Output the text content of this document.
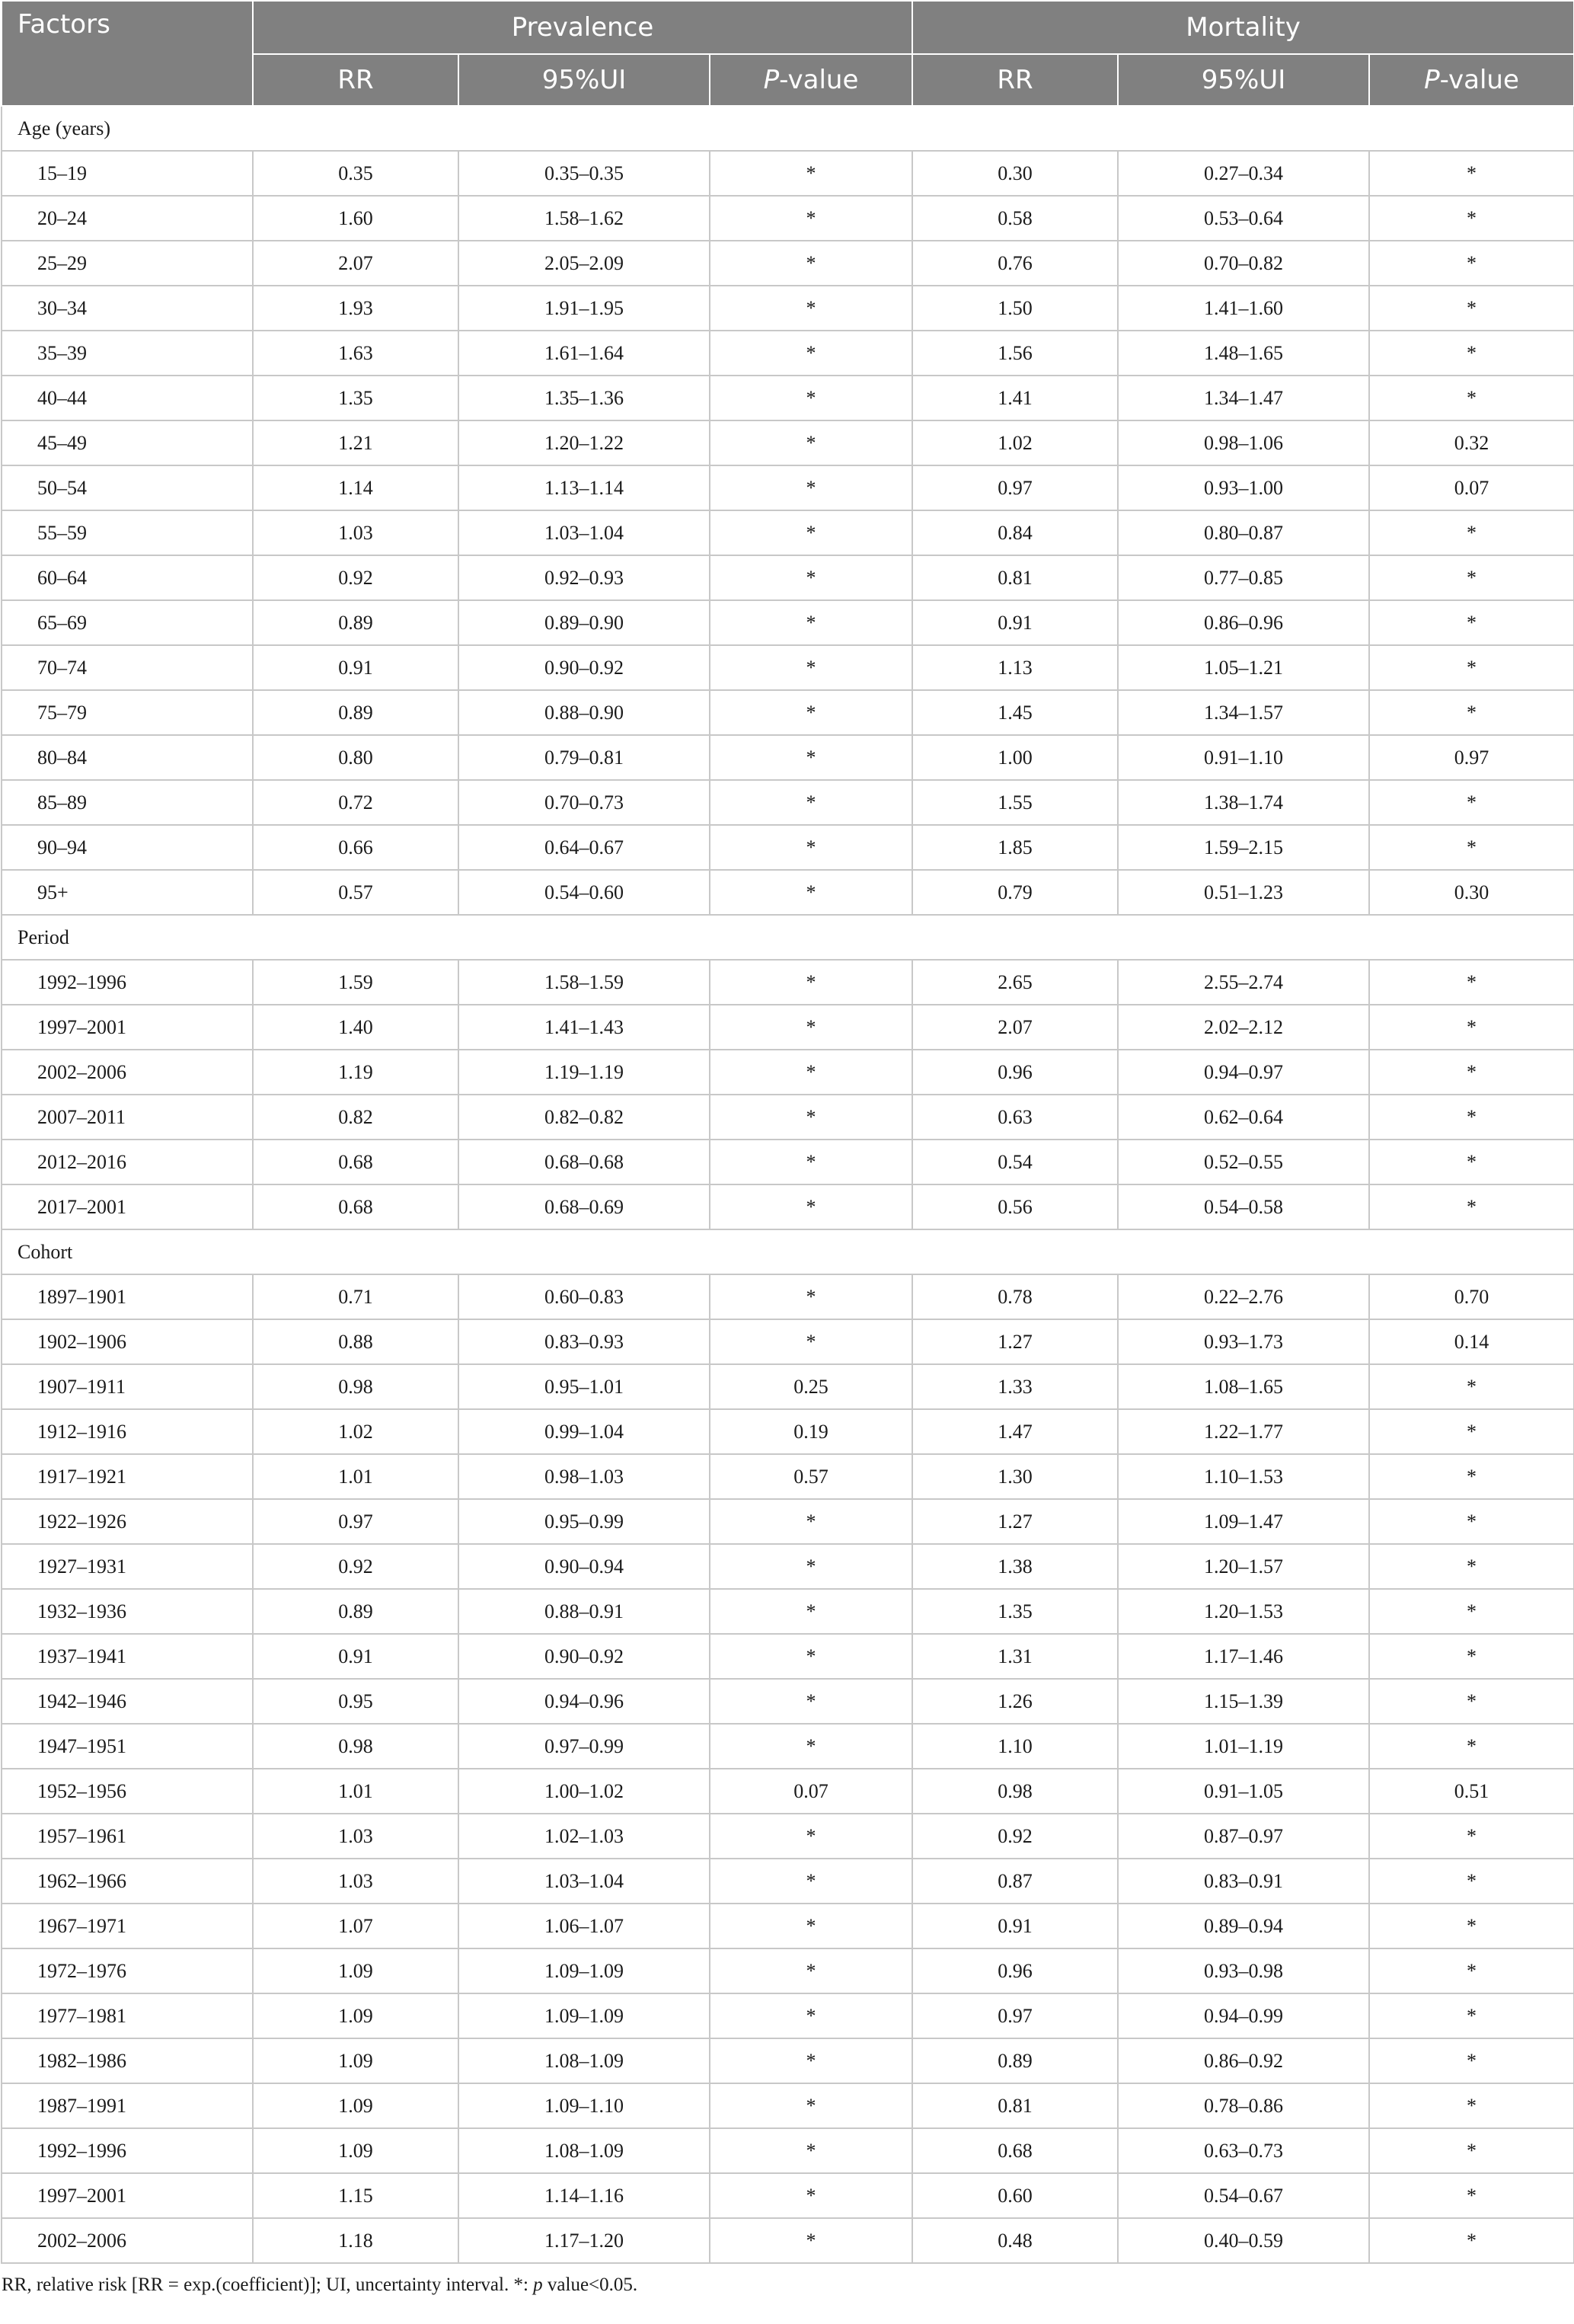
Factors	Prevalence			Mortality		
	RR	95%UI	P-value	RR	95%UI	P-value
Age (years)						
15–19	0.35	0.35–0.35	*	0.30	0.27–0.34	*
20–24	1.60	1.58–1.62	*	0.58	0.53–0.64	*
25–29	2.07	2.05–2.09	*	0.76	0.70–0.82	*
30–34	1.93	1.91–1.95	*	1.50	1.41–1.60	*
35–39	1.63	1.61–1.64	*	1.56	1.48–1.65	*
40–44	1.35	1.35–1.36	*	1.41	1.34–1.47	*
45–49	1.21	1.20–1.22	*	1.02	0.98–1.06	0.32
50–54	1.14	1.13–1.14	*	0.97	0.93–1.00	0.07
55–59	1.03	1.03–1.04	*	0.84	0.80–0.87	*
60–64	0.92	0.92–0.93	*	0.81	0.77–0.85	*
65–69	0.89	0.89–0.90	*	0.91	0.86–0.96	*
70–74	0.91	0.90–0.92	*	1.13	1.05–1.21	*
75–79	0.89	0.88–0.90	*	1.45	1.34–1.57	*
80–84	0.80	0.79–0.81	*	1.00	0.91–1.10	0.97
85–89	0.72	0.70–0.73	*	1.55	1.38–1.74	*
90–94	0.66	0.64–0.67	*	1.85	1.59–2.15	*
95+	0.57	0.54–0.60	*	0.79	0.51–1.23	0.30
Period						
1992–1996	1.59	1.58–1.59	*	2.65	2.55–2.74	*
1997–2001	1.40	1.41–1.43	*	2.07	2.02–2.12	*
2002–2006	1.19	1.19–1.19	*	0.96	0.94–0.97	*
2007–2011	0.82	0.82–0.82	*	0.63	0.62–0.64	*
2012–2016	0.68	0.68–0.68	*	0.54	0.52–0.55	*
2017–2001	0.68	0.68–0.69	*	0.56	0.54–0.58	*
Cohort						
1897–1901	0.71	0.60–0.83	*	0.78	0.22–2.76	0.70
1902–1906	0.88	0.83–0.93	*	1.27	0.93–1.73	0.14
1907–1911	0.98	0.95–1.01	0.25	1.33	1.08–1.65	*
1912–1916	1.02	0.99–1.04	0.19	1.47	1.22–1.77	*
1917–1921	1.01	0.98–1.03	0.57	1.30	1.10–1.53	*
1922–1926	0.97	0.95–0.99	*	1.27	1.09–1.47	*
1927–1931	0.92	0.90–0.94	*	1.38	1.20–1.57	*
1932–1936	0.89	0.88–0.91	*	1.35	1.20–1.53	*
1937–1941	0.91	0.90–0.92	*	1.31	1.17–1.46	*
1942–1946	0.95	0.94–0.96	*	1.26	1.15–1.39	*
1947–1951	0.98	0.97–0.99	*	1.10	1.01–1.19	*
1952–1956	1.01	1.00–1.02	0.07	0.98	0.91–1.05	0.51
1957–1961	1.03	1.02–1.03	*	0.92	0.87–0.97	*
1962–1966	1.03	1.03–1.04	*	0.87	0.83–0.91	*
1967–1971	1.07	1.06–1.07	*	0.91	0.89–0.94	*
1972–1976	1.09	1.09–1.09	*	0.96	0.93–0.98	*
1977–1981	1.09	1.09–1.09	*	0.97	0.94–0.99	*
1982–1986	1.09	1.08–1.09	*	0.89	0.86–0.92	*
1987–1991	1.09	1.09–1.10	*	0.81	0.78–0.86	*
1992–1996	1.09	1.08–1.09	*	0.68	0.63–0.73	*
1997–2001	1.15	1.14–1.16	*	0.60	0.54–0.67	*
2002–2006	1.18	1.17–1.20	*	0.48	0.40–0.59	*
RR, relative risk [RR = exp.(coefficient)]; UI, uncertainty interval. *: p value<0.05.
